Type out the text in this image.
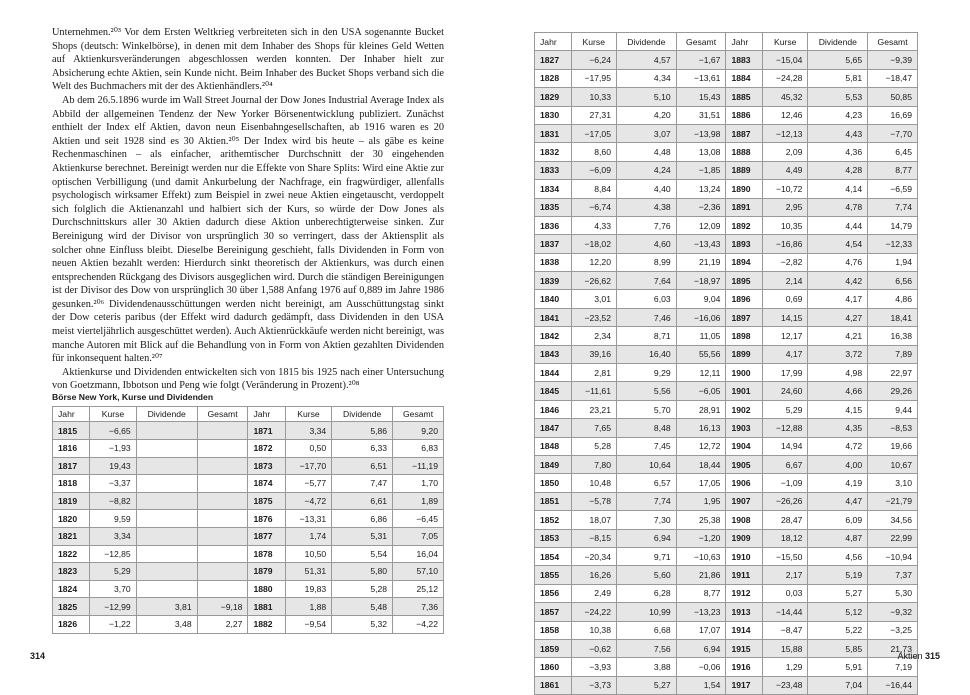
Unternehmen.²⁰³ Vor dem Ersten Weltkrieg verbreiteten sich in den USA sogenannte Bucket Shops (deutsch: Winkelbörse), in denen mit dem Inhaber des Shops für kleines Geld Wetten auf Aktienkursveränderungen abgeschlossen werden konnten. Der Inhaber hielt zur Absicherung echte Aktien, sein Kunde nicht. Beim Inhaber des Bucket Shops verband sich die Welt des Buchmachers mit der des Aktienhändlers.²⁰⁴

Ab dem 26.5.1896 wurde im Wall Street Journal der Dow Jones Industrial Average Index als Abbild der allgemeinen Tendenz der New Yorker Börsenentwicklung publiziert. Zunächst enthielt der Index elf Aktien, davon neun Eisenbahngesellschaften, ab 1916 waren es 20 Aktien und seit 1928 sind es 30 Aktien.²⁰⁵ Der Index wird bis heute – als gäbe es keine Rechenmaschinen – als einfacher, arithemtischer Durchschnitt der 30 eingehenden Aktienkurse berechnet. Bereinigt werden nur die Effekte von Share Splits: Wird eine Aktie zur optischen Verbilligung (und damit Ankurbelung der Nachfrage, ein fragwürdiger, allenfalls psychologisch wirksamer Effekt) zum Beispiel in zwei neue Aktien eingetauscht, verdoppelt sich folglich die Aktienanzahl und halbiert sich der Kurs, so würde der Dow Jones als Durchschnittskurs aller 30 Aktien dadurch diese Aktion unberechtigterweise sinken. Zur Bereinigung wird der Divisor von ursprünglich 30 so verringert, dass der Aktiensplit als solcher ohne Einfluss bleibt. Dieselbe Bereinigung geschieht, falls Dividenden in Form von neuen Aktien bezahlt werden: Hierdurch sinkt theoretisch der Aktienkurs, was durch einen entsprechenden Rückgang des Divisors ausgeglichen wird. Durch die ständigen Bereinigungen ist der Divisor des Dow von ursprünglich 30 über 1,588 Anfang 1976 auf 0,889 im Jahre 1986 gesunken.²⁰⁶ Dividendenausschüttungen werden nicht bereinigt, am Ausschüttungstag sinkt der Dow ceteris paribus (der Effekt wird dadurch gedämpft, dass Dividenden in den USA meist vierteljährlich ausgeschüttet werden). Auch Aktienrückkäufe werden nicht bereinigt, was manche Autoren mit Blick auf die Behandlung von in Form von Aktien gezahlten Dividenden für inkonsequent halten.²⁰⁷

Aktienkurse und Dividenden entwickelten sich von 1815 bis 1925 nach einer Untersuchung von Goetzmann, Ibbotson und Peng wie folgt (Veränderung in Prozent).²⁰⁸

Börse New York, Kurse und Dividenden
Jahr	Kurse	Dividende	Gesamt	Jahr	Kurse	Dividende	Gesamt
1815	−6,65			1871	3,34	5,86	9,20
1816	−1,93			1872	0,50	6,33	6,83
1817	19,43			1873	−17,70	6,51	−11,19
1818	−3,37			1874	−5,77	7,47	1,70
1819	−8,82			1875	−4,72	6,61	1,89
1820	9,59			1876	−13,31	6,86	−6,45
1821	3,34			1877	1,74	5,31	7,05
1822	−12,85			1878	10,50	5,54	16,04
1823	5,29			1879	51,31	5,80	57,10
1824	3,70			1880	19,83	5,28	25,12
1825	−12,99	3,81	−9,18	1881	1,88	5,48	7,36
1826	−1,22	3,48	2,27	1882	−9,54	5,32	−4,22
314
Jahr	Kurse	Dividende	Gesamt	Jahr	Kurse	Dividende	Gesamt
1827	−6,24	4,57	−1,67	1883	−15,04	5,65	−9,39
1828	−17,95	4,34	−13,61	1884	−24,28	5,81	−18,47
1829	10,33	5,10	15,43	1885	45,32	5,53	50,85
1830	27,31	4,20	31,51	1886	12,46	4,23	16,69
1831	−17,05	3,07	−13,98	1887	−12,13	4,43	−7,70
1832	8,60	4,48	13,08	1888	2,09	4,36	6,45
1833	−6,09	4,24	−1,85	1889	4,49	4,28	8,77
1834	8,84	4,40	13,24	1890	−10,72	4,14	−6,59
1835	−6,74	4,38	−2,36	1891	2,95	4,78	7,74
1836	4,33	7,76	12,09	1892	10,35	4,44	14,79
1837	−18,02	4,60	−13,43	1893	−16,86	4,54	−12,33
1838	12,20	8,99	21,19	1894	−2,82	4,76	1,94
1839	−26,62	7,64	−18,97	1895	2,14	4,42	6,56
1840	3,01	6,03	9,04	1896	0,69	4,17	4,86
1841	−23,52	7,46	−16,06	1897	14,15	4,27	18,41
1842	2,34	8,71	11,05	1898	12,17	4,21	16,38
1843	39,16	16,40	55,56	1899	4,17	3,72	7,89
1844	2,81	9,29	12,11	1900	17,99	4,98	22,97
1845	−11,61	5,56	−6,05	1901	24,60	4,66	29,26
1846	23,21	5,70	28,91	1902	5,29	4,15	9,44
1847	7,65	8,48	16,13	1903	−12,88	4,35	−8,53
1848	5,28	7,45	12,72	1904	14,94	4,72	19,66
1849	7,80	10,64	18,44	1905	6,67	4,00	10,67
1850	10,48	6,57	17,05	1906	−1,09	4,19	3,10
1851	−5,78	7,74	1,95	1907	−26,26	4,47	−21,79
1852	18,07	7,30	25,38	1908	28,47	6,09	34,56
1853	−8,15	6,94	−1,20	1909	18,12	4,87	22,99
1854	−20,34	9,71	−10,63	1910	−15,50	4,56	−10,94
1855	16,26	5,60	21,86	1911	2,17	5,19	7,37
1856	2,49	6,28	8,77	1912	0,03	5,27	5,30
1857	−24,22	10,99	−13,23	1913	−14,44	5,12	−9,32
1858	10,38	6,68	17,07	1914	−8,47	5,22	−3,25
1859	−0,62	7,56	6,94	1915	15,88	5,85	21,73
1860	−3,93	3,88	−0,06	1916	1,29	5,91	7,19
1861	−3,73	5,27	1,54	1917	−23,48	7,04	−16,44
Aktien 315
